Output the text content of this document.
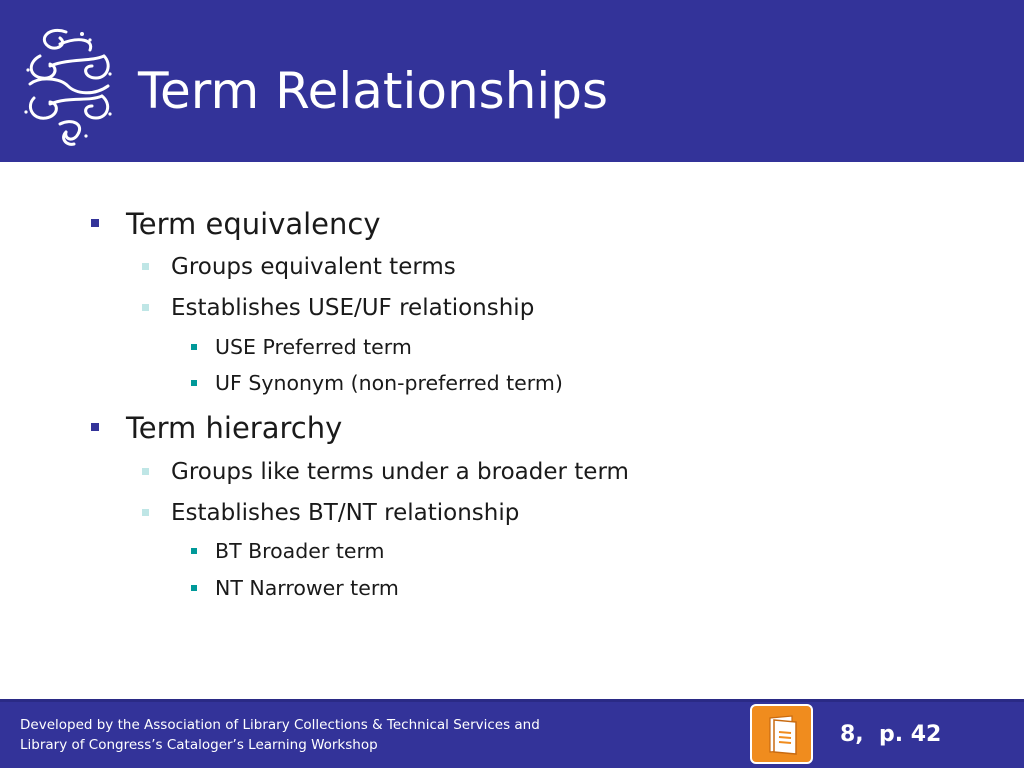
Term Relationships
Term equivalency
Groups equivalent terms
Establishes USE/UF relationship
USE Preferred term
UF Synonym (non-preferred term)
Term hierarchy
Groups like terms under a broader term
Establishes BT/NT relationship
BT Broader term
NT Narrower term
Developed by the Association of Library Collections & Technical Services and
Library of Congress’s Cataloger’s Learning Workshop	8,  p. 42
